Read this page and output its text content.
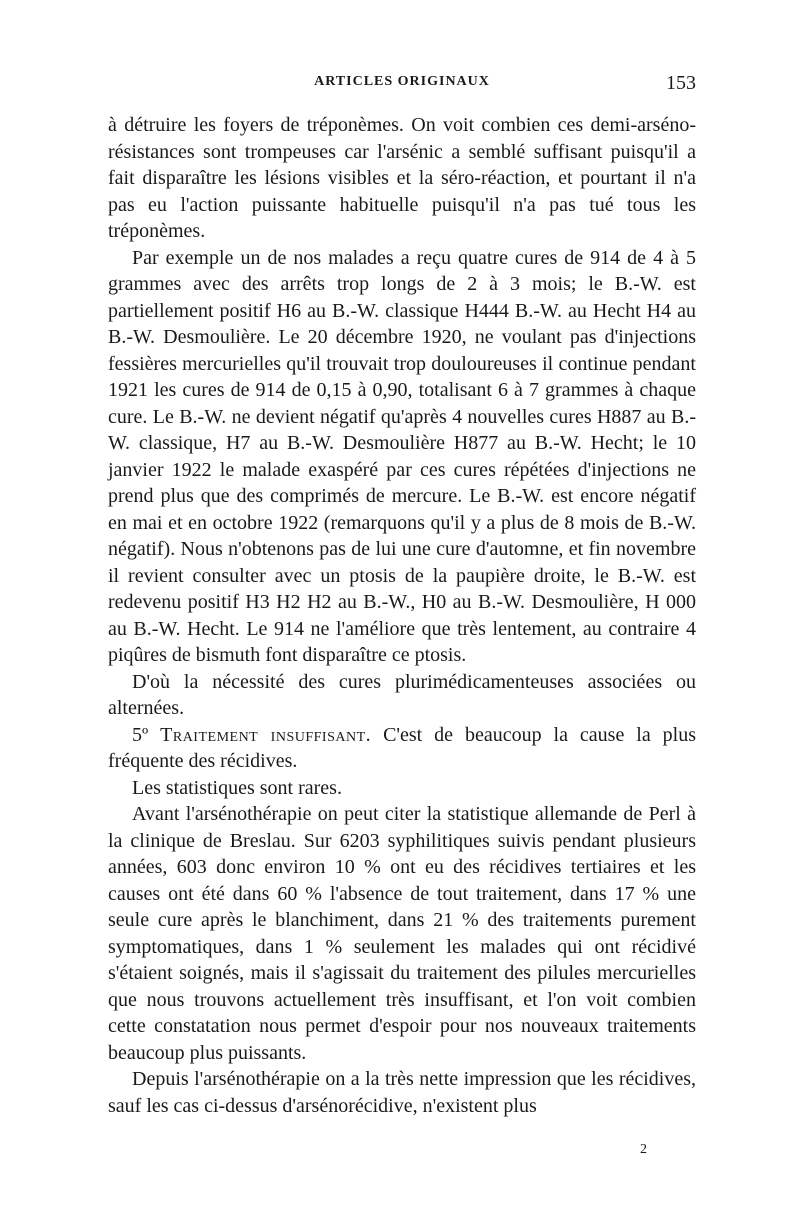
ARTICLES ORIGINAUX	153

à détruire les foyers de tréponèmes. On voit combien ces demi-arséno-résistances sont trompeuses car l'arsénic a semblé suffisant puisqu'il a fait disparaître les lésions visibles et la séro-réaction, et pourtant il n'a pas eu l'action puissante habituelle puisqu'il n'a pas tué tous les tréponèmes.

Par exemple un de nos malades a reçu quatre cures de 914 de 4 à 5 grammes avec des arrêts trop longs de 2 à 3 mois; le B.-W. est partiellement positif H6 au B.-W. classique H444 B.-W. au Hecht H4 au B.-W. Desmoulière. Le 20 décembre 1920, ne voulant pas d'injections fessières mercurielles qu'il trouvait trop douloureuses il continue pendant 1921 les cures de 914 de 0,15 à 0,90, totalisant 6 à 7 grammes à chaque cure. Le B.-W. ne devient négatif qu'après 4 nouvelles cures H887 au B.-W. classique, H7 au B.-W. Desmoulière H877 au B.-W. Hecht; le 10 janvier 1922 le malade exaspéré par ces cures répétées d'injections ne prend plus que des comprimés de mercure. Le B.-W. est encore négatif en mai et en octobre 1922 (remarquons qu'il y a plus de 8 mois de B.-W. négatif). Nous n'obtenons pas de lui une cure d'automne, et fin novembre il revient consulter avec un ptosis de la paupière droite, le B.-W. est redevenu positif H3 H2 H2 au B.-W., H0 au B.-W. Desmoulière, H 000 au B.-W. Hecht. Le 914 ne l'améliore que très lentement, au contraire 4 piqûres de bismuth font disparaître ce ptosis.

D'où la nécessité des cures plurimédicamenteuses associées ou alternées.

5º Traitement insuffisant. C'est de beaucoup la cause la plus fréquente des récidives.

Les statistiques sont rares.

Avant l'arsénothérapie on peut citer la statistique allemande de Perl à la clinique de Breslau. Sur 6203 syphilitiques suivis pendant plusieurs années, 603 donc environ 10 % ont eu des récidives tertiaires et les causes ont été dans 60 % l'absence de tout traitement, dans 17 % une seule cure après le blanchiment, dans 21 % des traitements purement symptomatiques, dans 1 % seulement les malades qui ont récidivé s'étaient soignés, mais il s'agissait du traitement des pilules mercurielles que nous trouvons actuellement très insuffisant, et l'on voit combien cette constatation nous permet d'espoir pour nos nouveaux traitements beaucoup plus puissants.

Depuis l'arsénothérapie on a la très nette impression que les récidives, sauf les cas ci-dessus d'arsénorécidive, n'existent plus

2
